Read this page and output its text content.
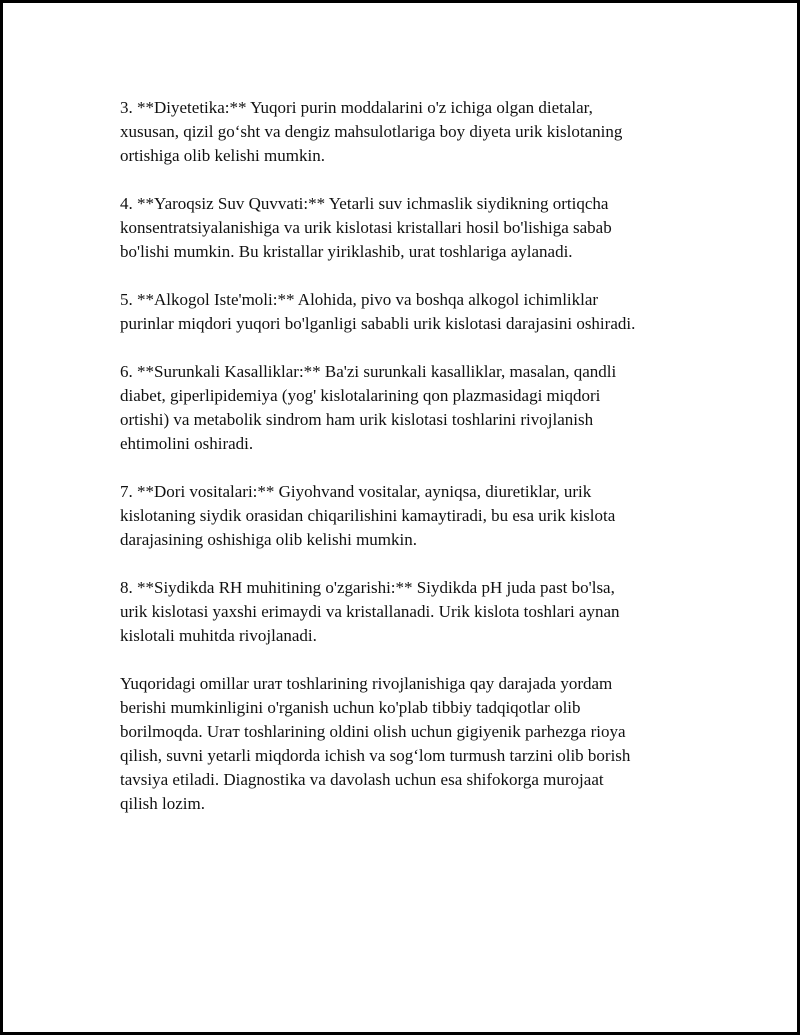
3. **Diyetetika:** Yuqori purin moddalarini o'z ichiga olgan dietalar,
xususan, qizil go‘sht va dengiz mahsulotlariga boy diyeta urik kislotaning
ortishiga olib kelishi mumkin.

4. **Yaroqsiz Suv Quvvati:** Yetarli suv ichmaslik siydikning ortiqcha
konsentratsiyalanishiga va urik kislotasi kristallari hosil bo'lishiga sabab
bo'lishi mumkin. Bu kristallar yiriklashib, urat toshlariga aylanadi.

5. **Alkogol Iste'moli:** Alohida, pivo va boshqa alkogol ichimliklar
purinlar miqdori yuqori bo'lganligi sababli urik kislotasi darajasini oshiradi.

6. **Surunkali Kasalliklar:** Ba'zi surunkali kasalliklar, masalan, qandli
diabet, giperlipidemiya (yog' kislotalarining qon plazmasidagi miqdori
ortishi) va metabolik sindrom ham urik kislotasi toshlarini rivojlanish
ehtimolini oshiradi.

7. **Dori vositalari:** Giyohvand vositalar, ayniqsa, diuretiklar, urik
kislotaning siydik orasidan chiqarilishini kamaytiradi, bu esa urik kislota
darajasining oshishiga olib kelishi mumkin.

8. **Siydikda RH muhitining o'zgarishi:** Siydikda pH juda past bo'lsa,
urik kislotasi yaxshi erimaydi va kristallanadi. Urik kislota toshlari aynan
kislotali muhitda rivojlanadi.

Yuqoridagi omillar uraт toshlarining rivojlanishiga qay darajada yordam
berishi mumkinligini o'rganish uchun ko'plab tibbiy tadqiqotlar olib
borilmoqda. Uraт toshlarining oldini olish uchun gigiyenik parhezga rioya
qilish, suvni yetarli miqdorda ichish va sog‘lom turmush tarzini olib borish
tavsiya etiladi. Diagnostika va davolash uchun esa shifokorga murojaat
qilish lozim.
